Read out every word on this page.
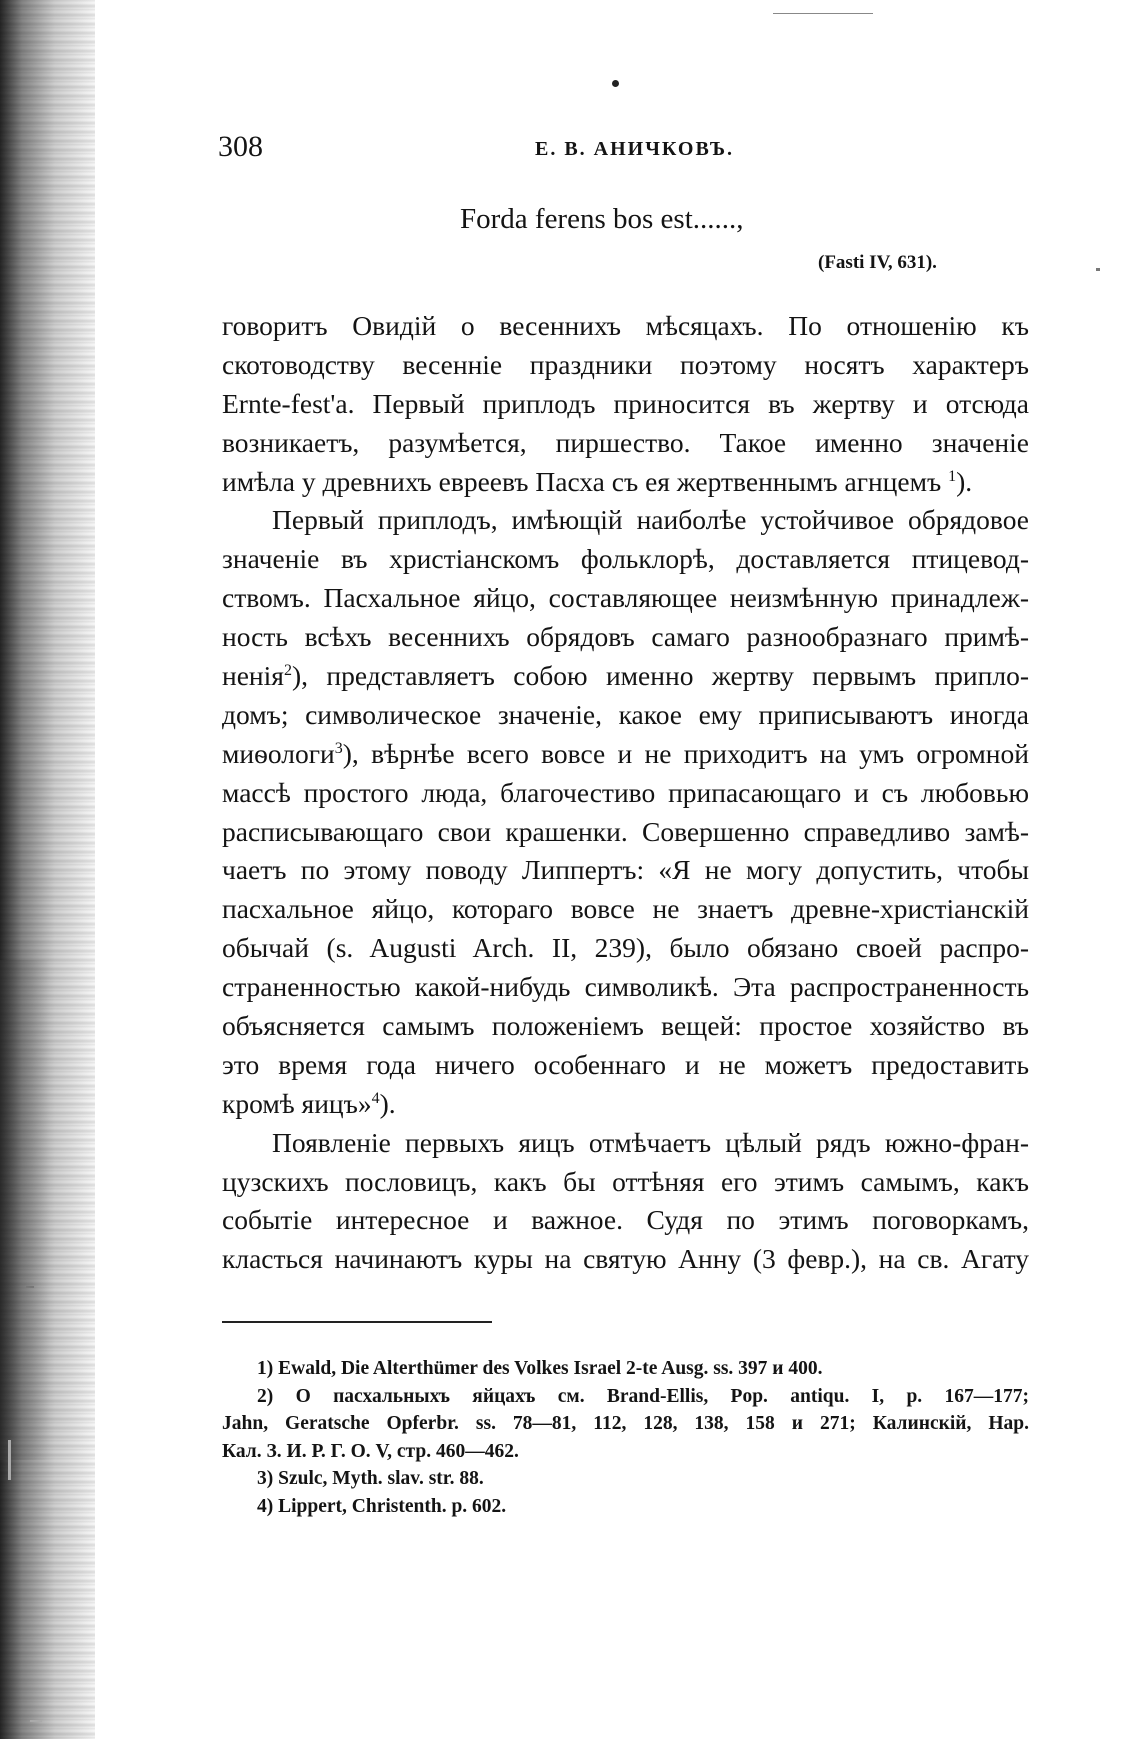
308	Е. В. АНИЧКОВЪ.
Forda ferens bos est......,
(Fasti IV, 631).
говоритъ Овидій о весеннихъ мѣсяцахъ. По отношенію къ
скотоводству весенніе праздники поэтому носятъ характеръ
Ernte-fest'a. Первый приплодъ приносится въ жертву и отсюда
возникаетъ, разумѣется, пиршество. Такое именно значеніе
имѣла у древнихъ евреевъ Пасха съ ея жертвеннымъ агнцемъ $^1$).
Первый приплодъ, имѣющій наиболѣе устойчивое обрядовое
значеніе въ христіанскомъ фольклорѣ, доставляется птицевод-
ствомъ. Пасхальное яйцо, составляющее неизмѣнную принадлеж-
ность всѣхъ весеннихъ обрядовъ самаго разнообразнаго примѣ-
ненія$^2$), представляетъ собою именно жертву первымъ припло-
домъ; символическое значеніе, какое ему приписываютъ иногда
миѳологи$^3$), вѣрнѣе всего вовсе и не приходитъ на умъ огромной
массѣ простого люда, благочестиво припасающаго и съ любовью
расписывающаго свои крашенки. Совершенно справедливо замѣ-
чаетъ по этому поводу Липпертъ: «Я не могу допустить, чтобы
пасхальное яйцо, котораго вовсе не знаетъ древне-христіанскій
обычай (s. Augusti Arch. II, 239), было обязано своей распро-
страненностью какой-нибудь символикѣ. Эта распространенность
объясняется самымъ положеніемъ вещей: простое хозяйство въ
это время года ничего особеннаго и не можетъ предоставить
кромѣ яицъ»$^4$).
Появленіе первыхъ яицъ отмѣчаетъ цѣлый рядъ южно-фран-
цузскихъ пословицъ, какъ бы оттѣняя его этимъ самымъ, какъ
событіе интересное и важное. Судя по этимъ поговоркамъ,
класться начинаютъ куры на святую Анну (3 февр.), на св. Агату
1) Ewald, Die Alterthümer des Volkes Israel 2-te Ausg. ss. 397 и 400.
2) О пасхальныхъ яйцахъ см. Brand-Ellis, Pop. antiqu. I, p. 167—177;
Jahn, Geratsche Opferbr. ss. 78—81, 112, 128, 138, 158 и 271; Калинскій, Нар.
Кал. З. И. Р. Г. О. V, стр. 460—462.
3) Szulc, Myth. slav. str. 88.
4) Lippert, Christenth. p. 602.
